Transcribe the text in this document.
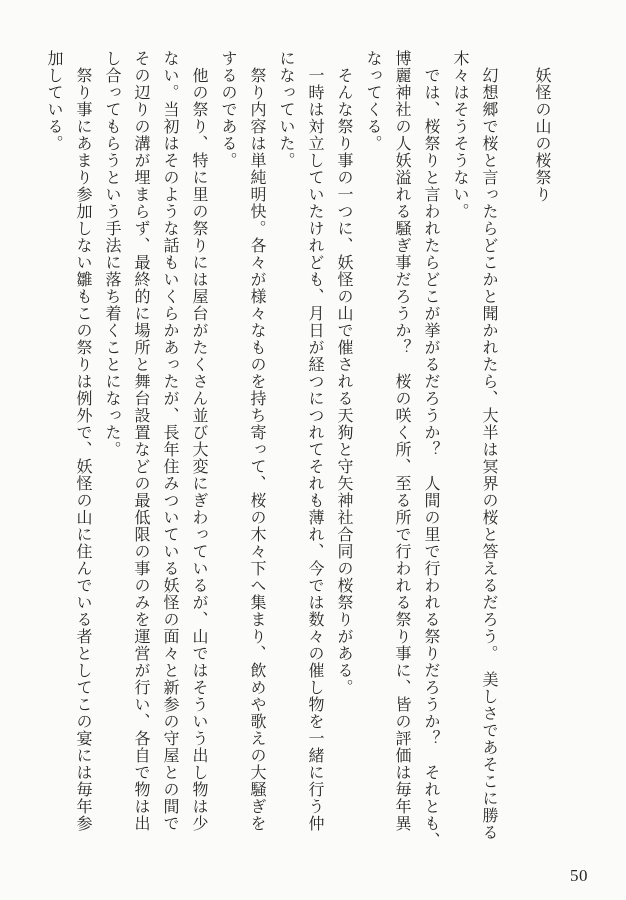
　妖怪の山の桜祭り
　幻想郷で桜と言ったらどこかと聞かれたら、大半は冥界の桜と答えるだろう。　美しさであそこに勝る
木々はそうそうない。
　では、桜祭りと言われたらどこが挙がるだろうか？　人間の里で行われる祭りだろうか？　それとも、
博麗神社の人妖溢れる騒ぎ事だろうか？　桜の咲く所、至る所で行われる祭り事に、皆の評価は毎年異
なってくる。
　そんな祭り事の一つに、妖怪の山で催される天狗と守矢神社合同の桜祭りがある。
　一時は対立していたけれども、月日が経つにつれてそれも薄れ、今では数々の催し物を一緒に行う仲
になっていた。
　祭り内容は単純明快。各々が様々なものを持ち寄って、桜の木々下へ集まり、飲めや歌えの大騒ぎを
するのである。
　他の祭り、特に里の祭りには屋台がたくさん並び大変にぎわっているが、山ではそういう出し物は少
ない。当初はそのような話もいくらかあったが、長年住みついている妖怪の面々と新参の守屋との間で
その辺りの溝が埋まらず、最終的に場所と舞台設置などの最低限の事のみを運営が行い、各自で物は出
し合ってもらうという手法に落ち着くことになった。
　祭り事にあまり参加しない雛もこの祭りは例外で、妖怪の山に住んでいる者としてこの宴には毎年参
加している。
50
